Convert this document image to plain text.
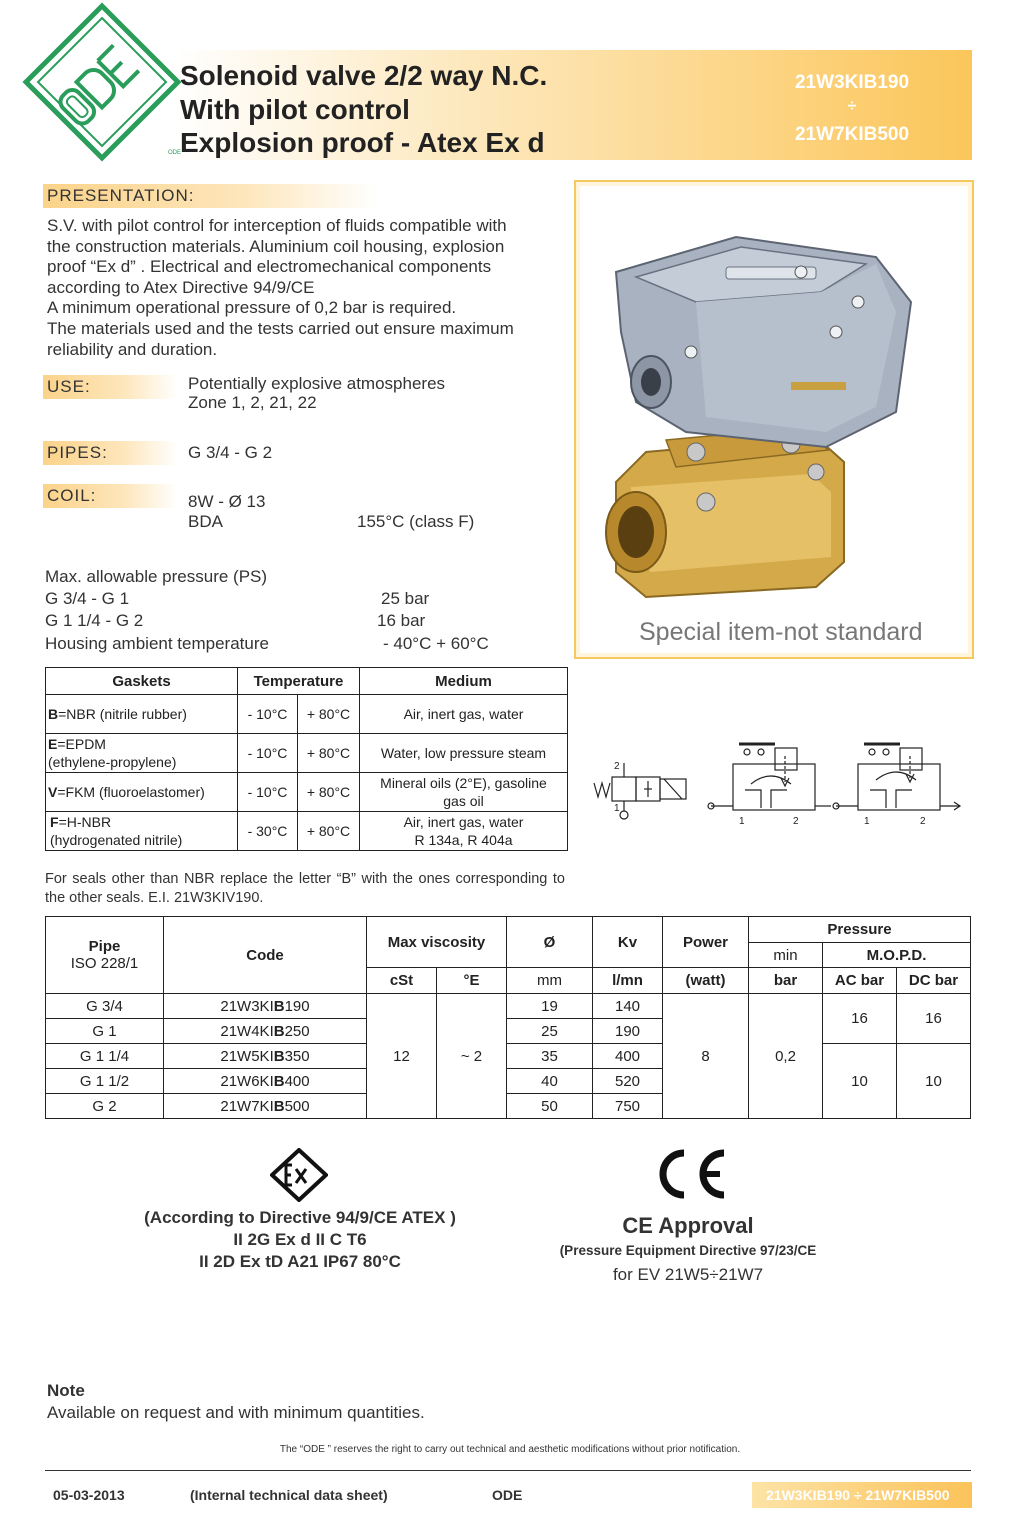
ODE
Solenoid valve 2/2 way N.C.
With pilot control
Explosion proof - Atex Ex d
21W3KIB190
÷
21W7KIB500
PRESENTATION:

S.V. with pilot control for interception of fluids compatible with

the construction materials. Aluminium coil housing, explosion

proof “Ex d” . Electrical and electromechanical components

according to Atex Directive 94/9/CE

A minimum operational pressure of 0,2 bar is required.

The materials used and the tests carried out ensure maximum

reliability and duration.

USE:	Potentially explosive atmospheres
Zone 1, 2, 21, 22
PIPES:	G 3/4 - G 2
COIL:	8W - Ø 13
BDA	155°C (class F)
Max. allowable pressure (PS)
G 3/4 - G 1	25 bar
G 1 1/4 - G 2	16 bar
Housing ambient temperature	- 40°C + 60°C	Special item-not standard
Gaskets	Temperature		Medium
B=NBR (nitrile rubber)	- 10°C	+ 80°C	Air, inert gas, water
E=EPDM
(ethylene-propylene)	- 10°C	+ 80°C	Water, low pressure steam
V=FKM (fluoroelastomer)	- 10°C	+ 80°C	Mineral oils (2°E), gasoline
gas oil
F=H-NBR
(hydrogenated nitrile)	- 30°C	+ 80°C	Air, inert gas, water
R 134a, R 404a
For seals other than NBR replace the letter “B” with the ones corresponding to the other seals. E.I. 21W3KIV190.
2
1
1	2	1	2
Pipe
ISO 228/1	Code	Max viscosity		Ø	Kv	Power	Pressure		
							min	M.O.P.D.	
		cSt	°E	mm	l/mn	(watt)	bar	AC bar	DC bar
G 3/4	21W3KIB190	12	~ 2	19	140	8	0,2	16	16
G 1	21W4KIB250			25	190				
G 1 1/4	21W5KIB350			35	400			10	10
G 1 1/2	21W6KIB400			40	520				
G 2	21W7KIB500			50	750				
(According to Directive 94/9/CE ATEX )
II 2G Ex d II C T6
II 2D Ex tD A21 IP67 80°C
CE Approval
(Pressure Equipment Directive 97/23/CE
for EV 21W5÷21W7
Note
Available on request and with minimum quantities.
The “ODE ” reserves the right to carry out technical and aesthetic modifications without prior notification.
05-03-2013	(Internal technical data sheet)	ODE	21W3KIB190 ÷ 21W7KIB500
